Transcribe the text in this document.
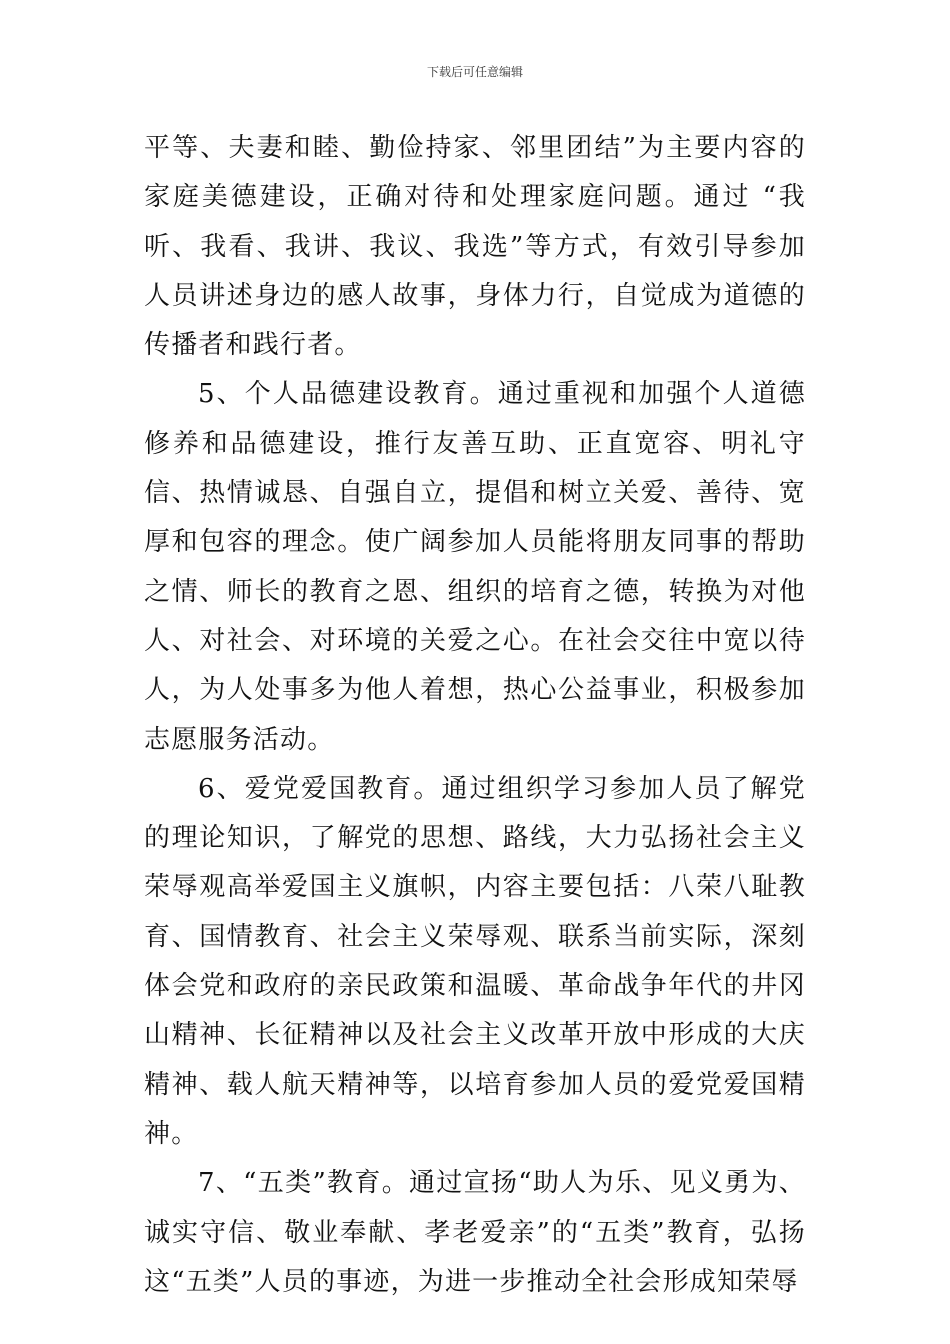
下载后可任意编辑

平等、夫妻和睦、勤俭持家、邻里团结”为主要内容的家庭美德建设，正确对待和处理家庭问题。通过 “我听、我看、我讲、我议、我选”等方式，有效引导参加人员讲述身边的感人故事，身体力行，自觉成为道德的传播者和践行者。

5、个人品德建设教育。通过重视和加强个人道德修养和品德建设，推行友善互助、正直宽容、明礼守信、热情诚恳、自强自立，提倡和树立关爱、善待、宽厚和包容的理念。使广阔参加人员能将朋友同事的帮助之情、师长的教育之恩、组织的培育之德，转换为对他人、对社会、对环境的关爱之心。在社会交往中宽以待人，为人处事多为他人着想，热心公益事业，积极参加志愿服务活动。

6、爱党爱国教育。通过组织学习参加人员了解党的理论知识，了解党的思想、路线，大力弘扬社会主义荣辱观高举爱国主义旗帜，内容主要包括：八荣八耻教育、国情教育、社会主义荣辱观、联系当前实际，深刻体会党和政府的亲民政策和温暖、革命战争年代的井冈山精神、长征精神以及社会主义改革开放中形成的大庆精神、载人航天精神等，以培育参加人员的爱党爱国精神。

7、“五类”教育。通过宣扬“助人为乐、见义勇为、诚实守信、敬业奉献、孝老爱亲”的“五类”教育，弘扬这“五类”人员的事迹，为进一步推动全社会形成知荣辱
